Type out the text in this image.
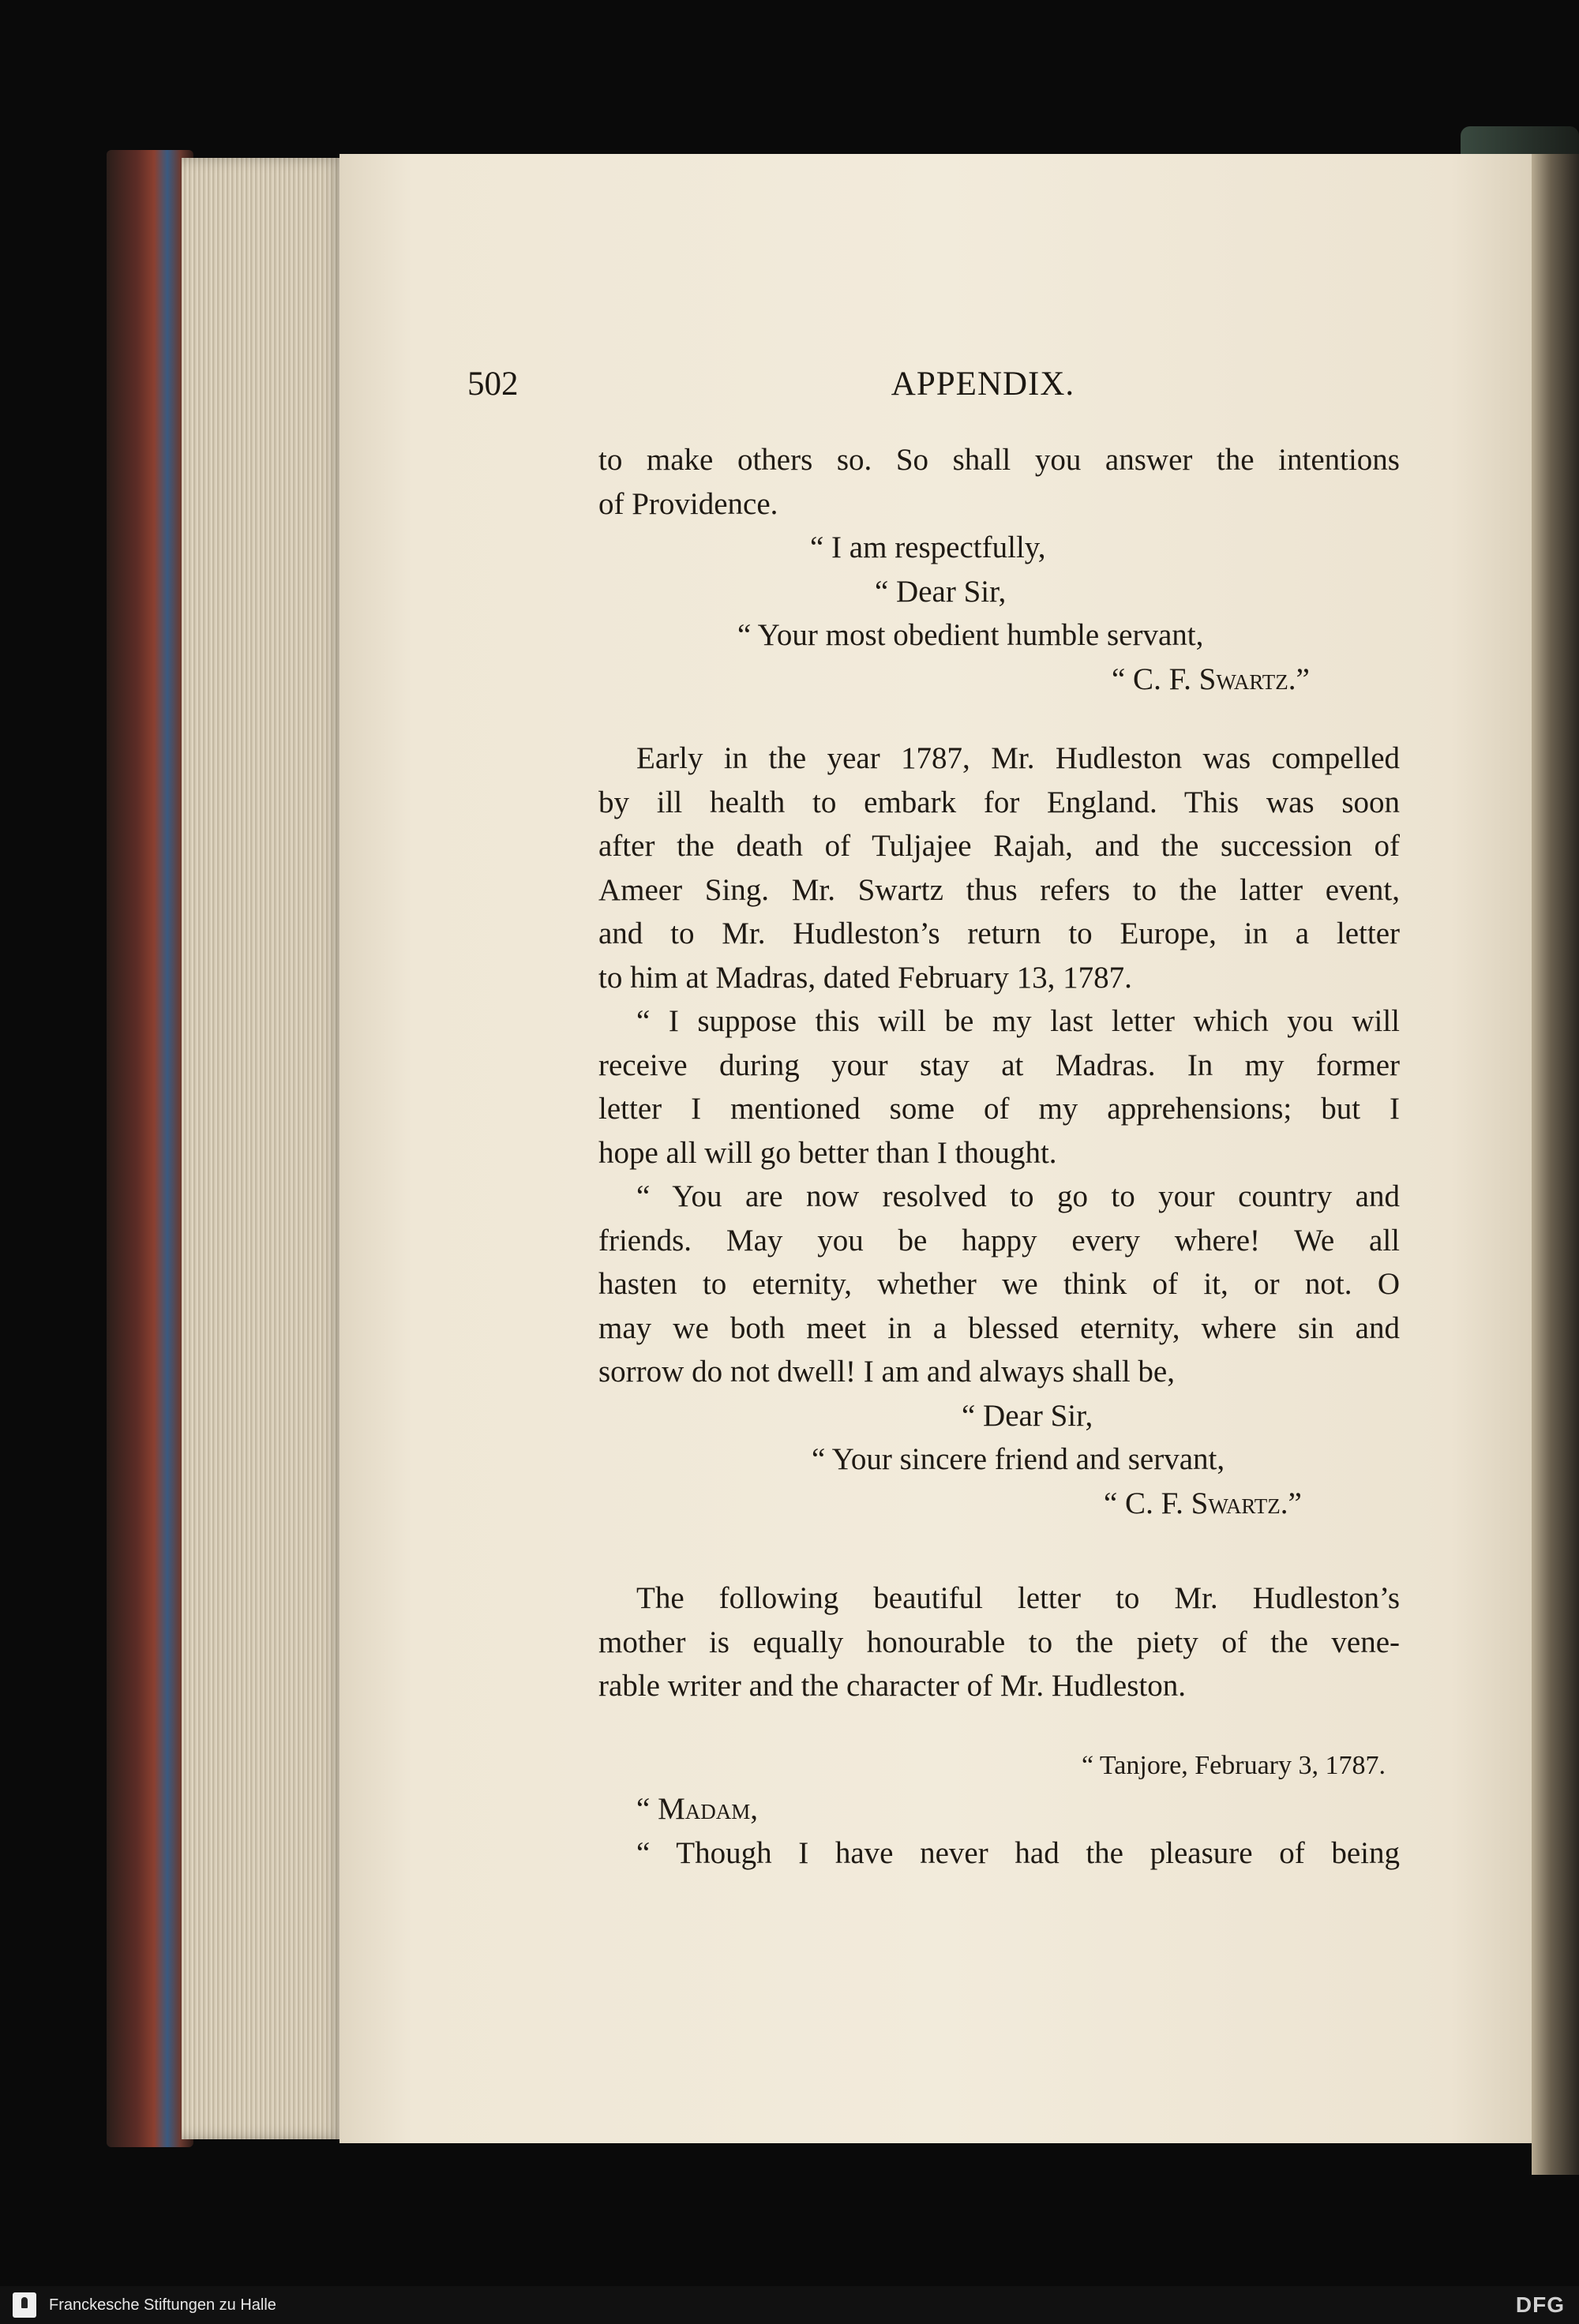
502	APPENDIX.
to make others so. So shall you answer the intentions
of Providence.
“ I am respectfully,
“ Dear Sir,
“ Your most obedient humble servant,
“ C. F. Swartz.”
Early in the year 1787, Mr. Hudleston was compelled
by ill health to embark for England. This was soon
after the death of Tuljajee Rajah, and the succession of
Ameer Sing. Mr. Swartz thus refers to the latter event,
and to Mr. Hudleston’s return to Europe, in a letter
to him at Madras, dated February 13, 1787.
“ I suppose this will be my last letter which you will
receive during your stay at Madras. In my former
letter I mentioned some of my apprehensions; but I
hope all will go better than I thought.
“ You are now resolved to go to your country and
friends. May you be happy every where! We all
hasten to eternity, whether we think of it, or not. O
may we both meet in a blessed eternity, where sin and
sorrow do not dwell! I am and always shall be,
“ Dear Sir,
“ Your sincere friend and servant,
“ C. F. Swartz.”
The following beautiful letter to Mr. Hudleston’s
mother is equally honourable to the piety of the vene-
rable writer and the character of Mr. Hudleston.
“ Tanjore, February 3, 1787.
“ Madam,
“ Though I have never had the pleasure of being
Franckesche Stiftungen zu Halle	DFG
